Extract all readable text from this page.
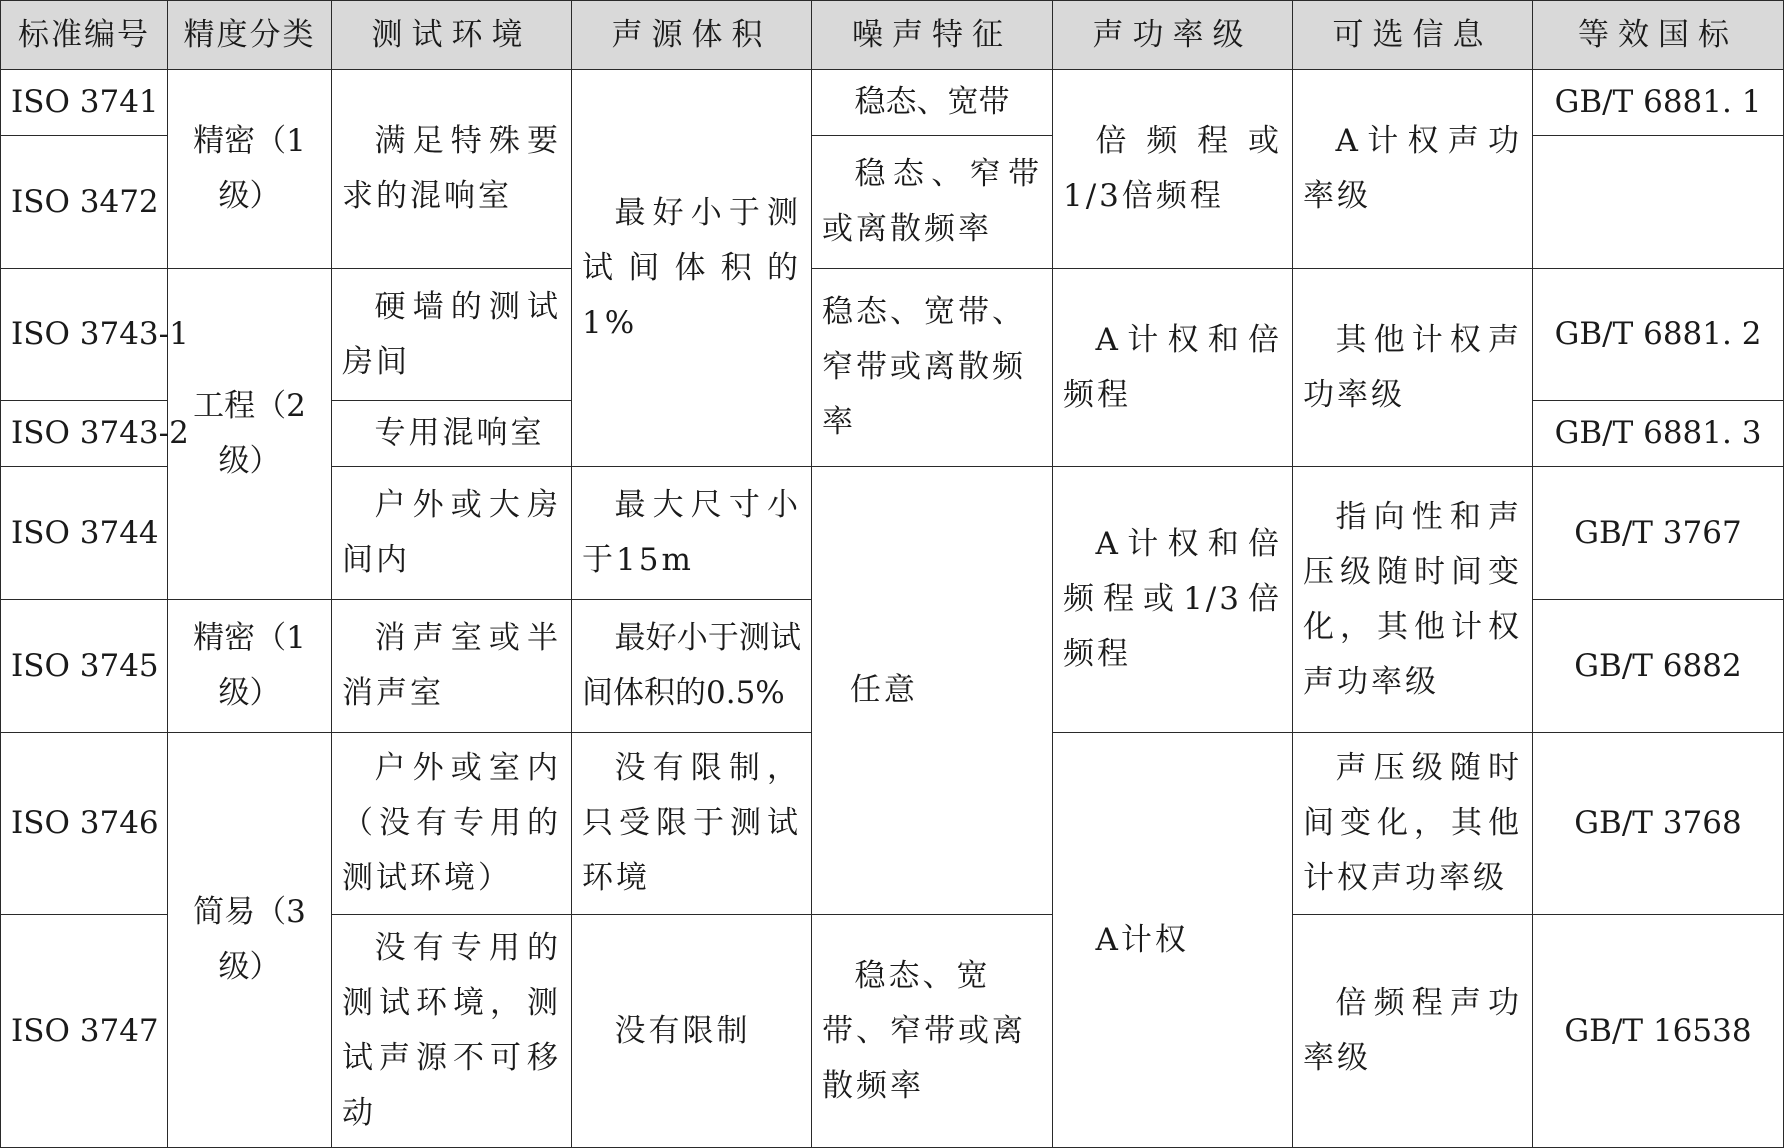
标准编号	精度分类	测试环境	声源体积	噪声特征	声功率级	可选信息	等效国标
ISO 3741	精密（1级）	满足特殊要求的混响室	最好小于测试间体积的1%	稳态、宽带	倍频程或1/3倍频程	A计权声功率级	GB/T 6881. 1
ISO 3472				稳态、窄带或离散频率			
ISO 3743-1	工程（2级）	硬墙的测试房间		稳态、宽带、窄带或离散频率	A计权和倍频程	其他计权声功率级	GB/T 6881. 2
ISO 3743-2		专用混响室					GB/T 6881. 3
ISO 3744		户外或大房间内	最大尺寸小于15m	任意	A计权和倍频程或1/3倍频程	指向性和声压级随时间变化，其他计权声功率级	GB/T 3767
ISO 3745	精密（1级）	消声室或半消声室	最好小于测试间体积的0.5%				GB/T 6882
ISO 3746	简易（3级）	户外或室内（没有专用的测试环境）	没有限制，只受限于测试环境		A计权	声压级随时间变化，其他计权声功率级	GB/T 3768
ISO 3747		没有专用的测试环境，测试声源不可移动	没有限制	稳态、宽带、窄带或离散频率		倍频程声功率级	GB/T 16538
